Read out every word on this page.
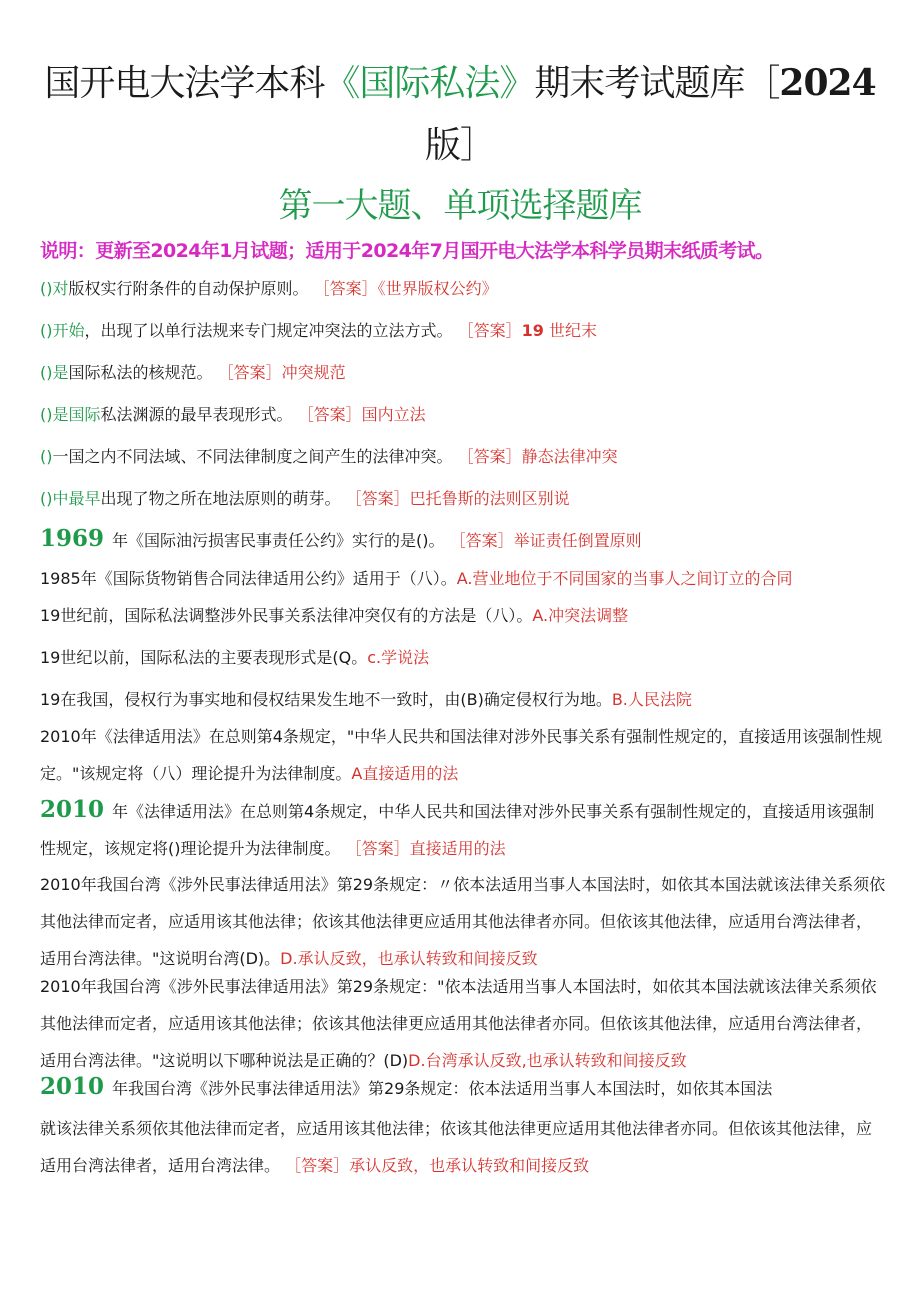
国开电大法学本科《国际私法》期末考试题库［2024
版］
第一大题、单项选择题库
说明：更新至2024年1月试题；适用于2024年7月国开电大法学本科学员期末纸质考试。
()对版权实行附条件的自动保护原则。 ［答案］《世界版权公约》
()开始，出现了以单行法规来专门规定冲突法的立法方式。 ［答案］19 世纪末
()是国际私法的核规范。 ［答案］冲突规范
()是国际私法渊源的最早表现形式。 ［答案］国内立法
()一国之内不同法域、不同法律制度之间产生的法律冲突。 ［答案］静态法律冲突
()中最早出现了物之所在地法原则的萌芽。 ［答案］巴托鲁斯的法则区别说
1969 年《国际油污损害民事责任公约》实行的是()。 ［答案］举证责任倒置原则
1985年《国际货物销售合同法律适用公约》适用于（八）。A.营业地位于不同国家的当事人之间订立的合同
19世纪前，国际私法调整涉外民事关系法律冲突仅有的方法是（八）。A.冲突法调整
19世纪以前，国际私法的主要表现形式是(Q。c.学说法
19在我国，侵权行为事实地和侵权结果发生地不一致时，由(B)确定侵权行为地。B.人民法院
2010年《法律适用法》在总则第4条规定，"中华人民共和国法律对涉外民事关系有强制性规定的，直接适用该强制性规定。"该规定将（八）理论提升为法律制度。A直接适用的法
2010 年《法律适用法》在总则第4条规定，中华人民共和国法律对涉外民事关系有强制性规定的，直接适用该强制性规定，该规定将()理论提升为法律制度。 ［答案］直接适用的法
2010年我国台湾《涉外民事法律适用法》第29条规定：〃依本法适用当事人本国法时，如依其本国法就该法律关系须依其他法律而定者，应适用该其他法律；依该其他法律更应适用其他法律者亦同。但依该其他法律，应适用台湾法律者，适用台湾法律。"这说明台湾(D)。D.承认反致，也承认转致和间接反致
2010年我国台湾《涉外民事法律适用法》第29条规定："依本法适用当事人本国法时，如依其本国法就该法律关系须依其他法律而定者，应适用该其他法律；依该其他法律更应适用其他法律者亦同。但依该其他法律，应适用台湾法律者，适用台湾法律。"这说明以下哪种说法是正确的？(D)D.台湾承认反致,也承认转致和间接反致
2010 年我国台湾《涉外民事法律适用法》第29条规定：依本法适用当事人本国法时，如依其本国法
就该法律关系须依其他法律而定者，应适用该其他法律；依该其他法律更应适用其他法律者亦同。但依该其他法律，应适用台湾法律者，适用台湾法律。 ［答案］承认反致，也承认转致和间接反致
